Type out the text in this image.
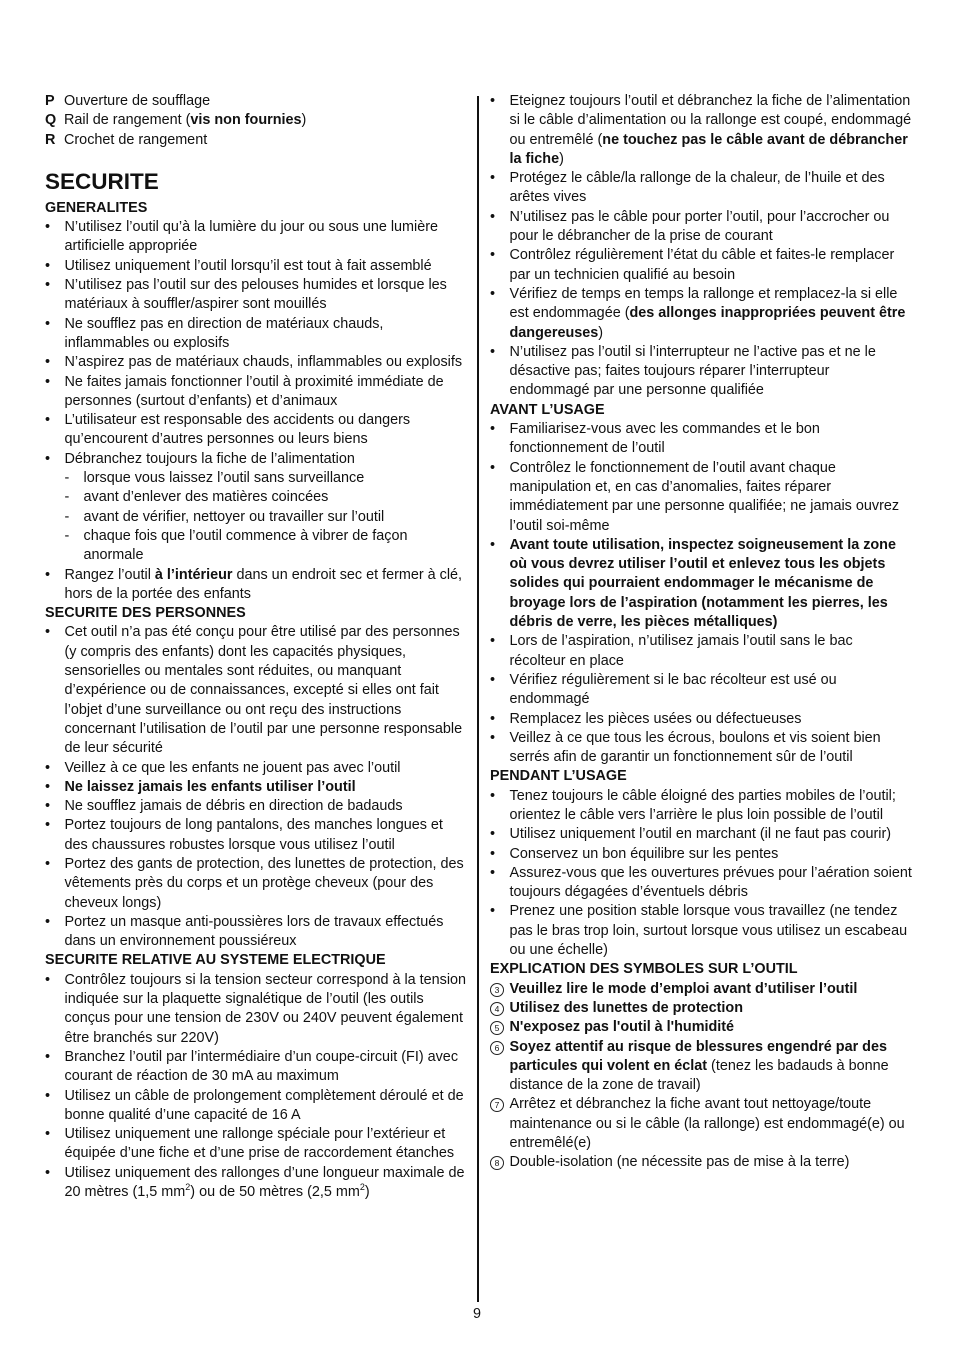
P Ouverture de soufflage
Q Rail de rangement (vis non fournies)
R Crochet de rangement
SECURITE
GENERALITES
• N’utilisez l’outil qu’à la lumière du jour ou sous une lumière artificielle appropriée
• Utilisez uniquement l’outil lorsqu’il est tout à fait assemblé
• N’utilisez pas l’outil sur des pelouses humides et lorsque les matériaux à souffler/aspirer sont mouillés
• Ne soufflez pas en direction de matériaux chauds, inflammables ou explosifs
• N’aspirez pas de matériaux chauds, inflammables ou explosifs
• Ne faites jamais fonctionner l’outil à proximité immédiate de personnes (surtout d’enfants) et d’animaux
• L’utilisateur est responsable des accidents ou dangers qu’encourent d’autres personnes ou leurs biens
• Débranchez toujours la fiche de l’alimentation
- lorsque vous laissez l’outil sans surveillance
- avant d’enlever des matières coincées
- avant de vérifier, nettoyer ou travailler sur l’outil
- chaque fois que l’outil commence à vibrer de façon anormale
• Rangez l’outil à l’intérieur dans un endroit sec et fermer à clé, hors de la portée des enfants
SECURITE DES PERSONNES
• Cet outil n’a pas été conçu pour être utilisé par des personnes (y compris des enfants) dont les capacités physiques, sensorielles ou mentales sont réduites, ou manquant d’expérience ou de connaissances, excepté si elles ont fait l’objet d’une surveillance ou ont reçu des instructions concernant l’utilisation de l’outil par une personne responsable de leur sécurité
• Veillez à ce que les enfants ne jouent pas avec l’outil
• Ne laissez jamais les enfants utiliser l’outil
• Ne soufflez jamais de débris en direction de badauds
• Portez toujours de long pantalons, des manches longues et des chaussures robustes lorsque vous utilisez l’outil
• Portez des gants de protection, des lunettes de protection, des vêtements près du corps et un protège cheveux (pour des cheveux longs)
• Portez un masque anti-poussières lors de travaux effectués dans un environnement poussiéreux
SECURITE RELATIVE AU SYSTEME ELECTRIQUE
• Contrôlez toujours si la tension secteur correspond à la tension indiquée sur la plaquette signalétique de l’outil (les outils conçus pour une tension de 230V ou 240V peuvent également être branchés sur 220V)
• Branchez l’outil par l’intermédiaire d’un coupe-circuit (FI) avec courant de réaction de 30 mA au maximum
• Utilisez un câble de prolongement complètement déroulé et de bonne qualité d’une capacité de 16 A
• Utilisez uniquement une rallonge spéciale pour l’extérieur et équipée d’une fiche et d’une prise de raccordement étanches
• Utilisez uniquement des rallonges d’une longueur maximale de 20 mètres (1,5 $mm^2$) ou de 50 mètres (2,5 $mm^2$)
• Eteignez toujours l’outil et débranchez la fiche de l’alimentation si le câble d’alimentation ou la rallonge est coupé, endommagé ou entremêlé (ne touchez pas le câble avant de débrancher la fiche)
• Protégez le câble/la rallonge de la chaleur, de l’huile et des arêtes vives
• N’utilisez pas le câble pour porter l’outil, pour l’accrocher ou pour le débrancher de la prise de courant
• Contrôlez régulièrement l’état du câble et faites-le remplacer par un technicien qualifié au besoin
• Vérifiez de temps en temps la rallonge et remplacez-la si elle est endommagée (des allonges inappropriées peuvent être dangereuses)
• N’utilisez pas l’outil si l’interrupteur ne l’active pas et ne le désactive pas; faites toujours réparer l’interrupteur endommagé par une personne qualifiée
AVANT L’USAGE
• Familiarisez-vous avec les commandes et le bon fonctionnement de l’outil
• Contrôlez le fonctionnement de l’outil avant chaque manipulation et, en cas d’anomalies, faites réparer immédiatement par une personne qualifiée; ne jamais ouvrez l’outil soi-même
• Avant toute utilisation, inspectez soigneusement la zone où vous devrez utiliser l’outil et enlevez tous les objets solides qui pourraient endommager le mécanisme de broyage lors de l’aspiration (notamment les pierres, les débris de verre, les pièces métalliques)
• Lors de l’aspiration, n’utilisez jamais l’outil sans le bac récolteur en place
• Vérifiez régulièrement si le bac récolteur est usé ou endommagé
• Remplacez les pièces usées ou défectueuses
• Veillez à ce que tous les écrous, boulons et vis soient bien serrés afin de garantir un fonctionnement sûr de l’outil
PENDANT L’USAGE
• Tenez toujours le câble éloigné des parties mobiles de l’outil; orientez le câble vers l’arrière le plus loin possible de l’outil
• Utilisez uniquement l’outil en marchant (il ne faut pas courir)
• Conservez un bon équilibre sur les pentes
• Assurez-vous que les ouvertures prévues pour l’aération soient toujours dégagées d’éventuels débris
• Prenez une position stable lorsque vous travaillez (ne tendez pas le bras trop loin, surtout lorsque vous utilisez un escabeau ou une échelle)
EXPLICATION DES SYMBOLES SUR L’OUTIL
3 Veuillez lire le mode d’emploi avant d’utiliser l’outil
4 Utilisez des lunettes de protection
5 N'exposez pas l'outil à l'humidité
6 Soyez attentif au risque de blessures engendré par des particules qui volent en éclat (tenez les badauds à bonne distance de la zone de travail)
7 Arrêtez et débranchez la fiche avant tout nettoyage/toute maintenance ou si le câble (la rallonge) est endommagé(e) ou entremêlé(e)
8 Double-isolation (ne nécessite pas de mise à la terre)
9
